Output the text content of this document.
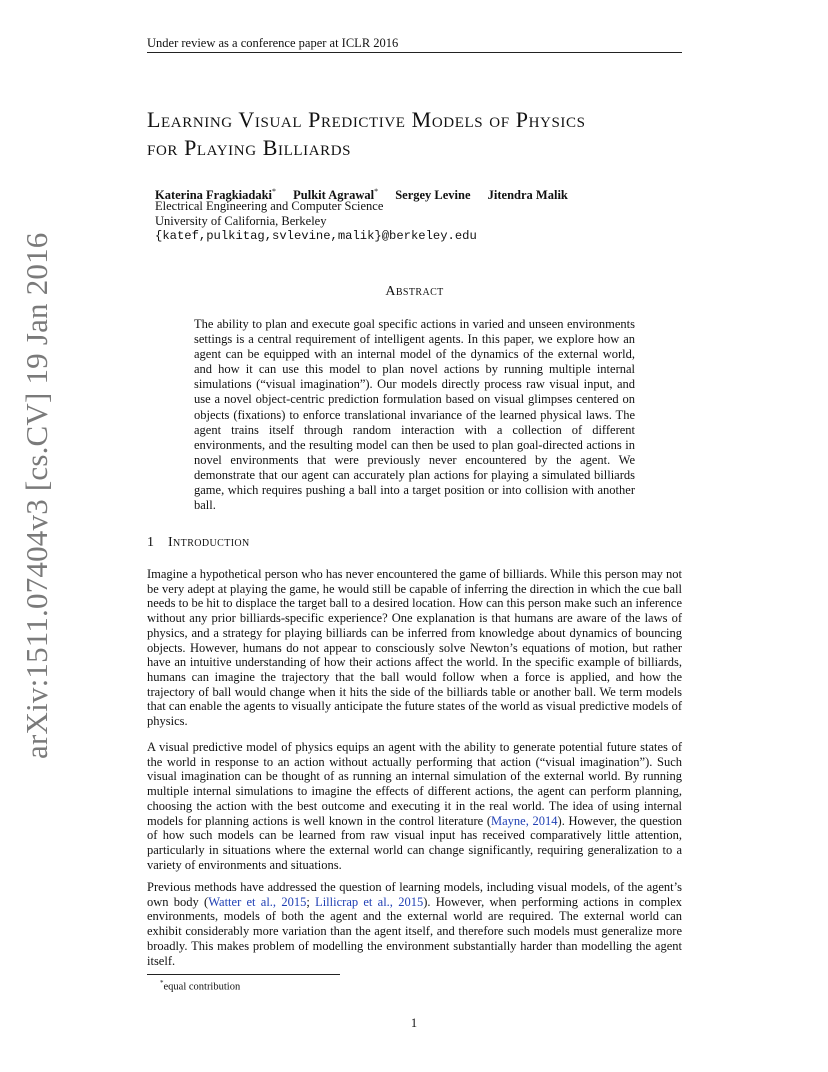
Under review as a conference paper at ICLR 2016
arXiv:1511.07404v3 [cs.CV] 19 Jan 2016
Learning Visual Predictive Models of Physics
for Playing Billiards
Katerina Fragkiadaki* Pulkit Agrawal* Sergey Levine Jitendra Malik
Electrical Engineering and Computer Science
University of California, Berkeley
{katef,pulkitag,svlevine,malik}@berkeley.edu
Abstract
The ability to plan and execute goal specific actions in varied and unseen environments settings is a central requirement of intelligent agents. In this paper, we explore how an agent can be equipped with an internal model of the dynamics of the external world, and how it can use this model to plan novel actions by running multiple internal simulations (“visual imagination”). Our models directly process raw visual input, and use a novel object-centric prediction formulation based on visual glimpses centered on objects (fixations) to enforce translational invariance of the learned physical laws. The agent trains itself through random interaction with a collection of different environments, and the resulting model can then be used to plan goal-directed actions in novel environments that were previously never encountered by the agent. We demonstrate that our agent can accurately plan actions for playing a simulated billiards game, which requires pushing a ball into a target position or into collision with another ball.
1 Introduction
Imagine a hypothetical person who has never encountered the game of billiards. While this person may not be very adept at playing the game, he would still be capable of inferring the direction in which the cue ball needs to be hit to displace the target ball to a desired location. How can this person make such an inference without any prior billiards-specific experience? One explanation is that humans are aware of the laws of physics, and a strategy for playing billiards can be inferred from knowledge about dynamics of bouncing objects. However, humans do not appear to consciously solve Newton’s equations of motion, but rather have an intuitive understanding of how their actions affect the world. In the specific example of billiards, humans can imagine the trajectory that the ball would follow when a force is applied, and how the trajectory of ball would change when it hits the side of the billiards table or another ball. We term models that can enable the agents to visually anticipate the future states of the world as visual predictive models of physics.
A visual predictive model of physics equips an agent with the ability to generate potential future states of the world in response to an action without actually performing that action (“visual imagination”). Such visual imagination can be thought of as running an internal simulation of the external world. By running multiple internal simulations to imagine the effects of different actions, the agent can perform planning, choosing the action with the best outcome and executing it in the real world. The idea of using internal models for planning actions is well known in the control literature (Mayne, 2014). However, the question of how such models can be learned from raw visual input has received comparatively little attention, particularly in situations where the external world can change significantly, requiring generalization to a variety of environments and situations.
Previous methods have addressed the question of learning models, including visual models, of the agent’s own body (Watter et al., 2015; Lillicrap et al., 2015). However, when performing actions in complex environments, models of both the agent and the external world are required. The external world can exhibit considerably more variation than the agent itself, and therefore such models must generalize more broadly. This makes problem of modelling the environment substantially harder than modelling the agent itself.
*equal contribution
1
